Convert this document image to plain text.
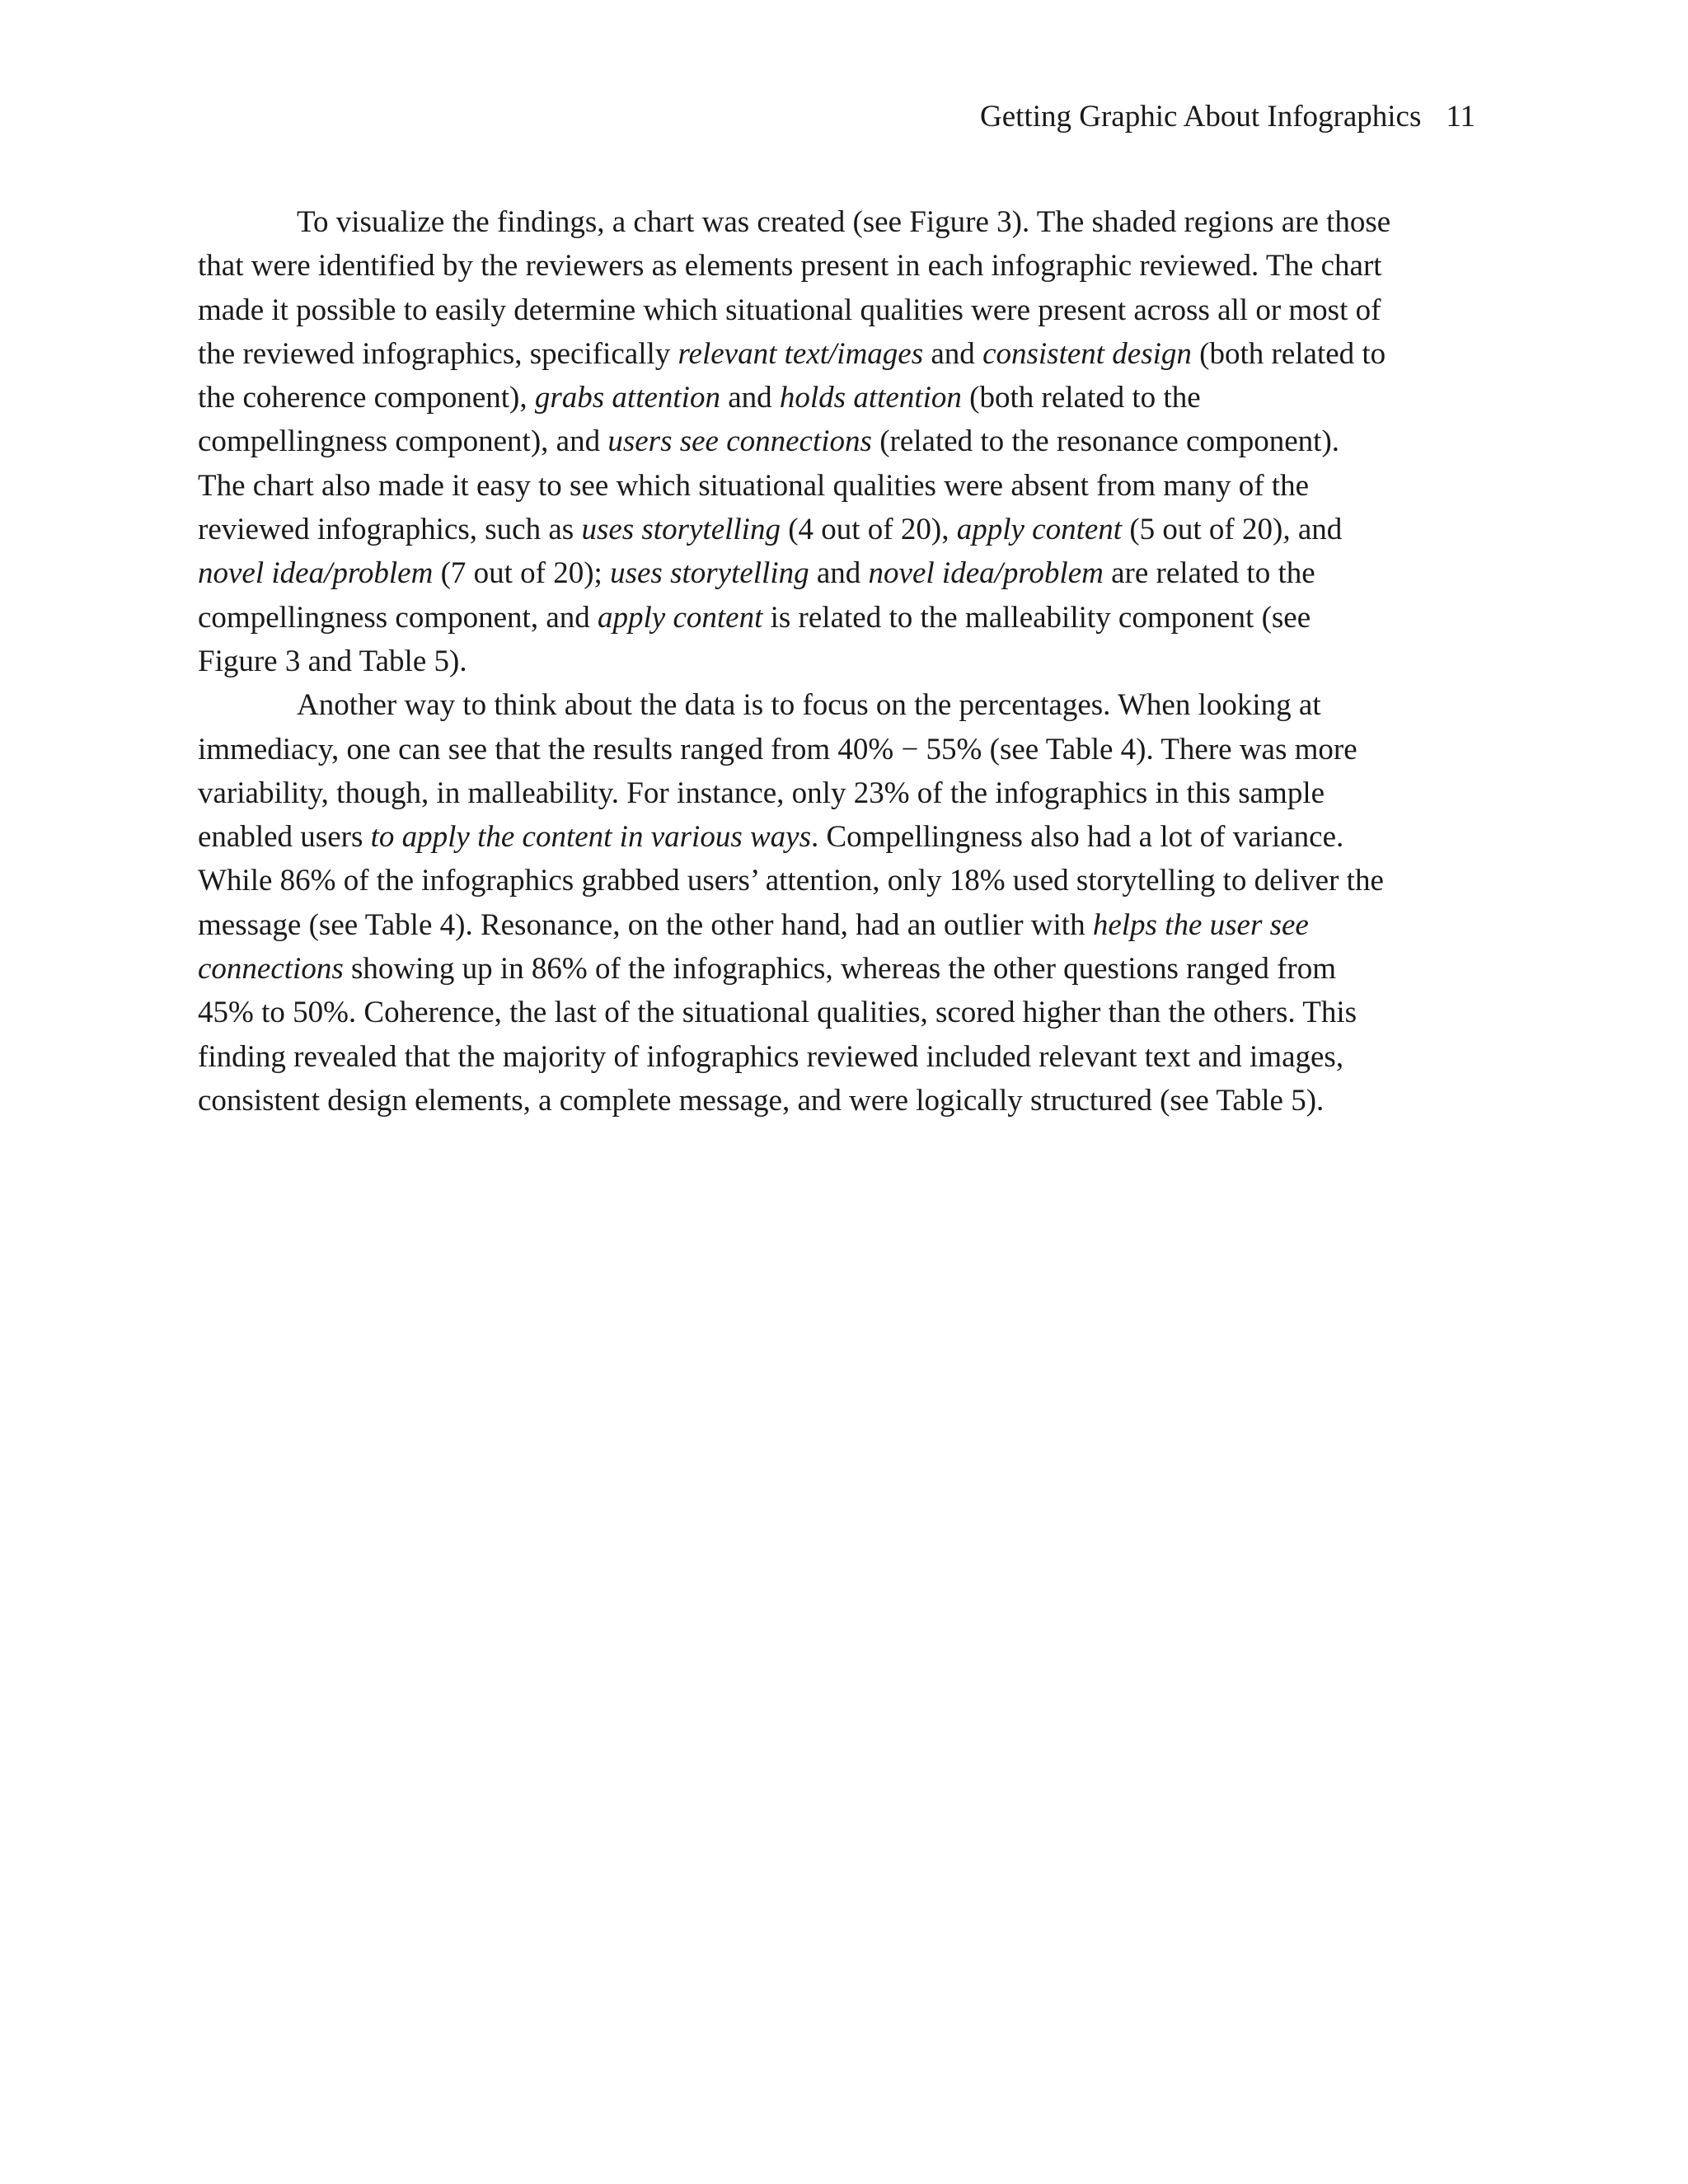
Getting Graphic About Infographics 11

To visualize the findings, a chart was created (see Figure 3). The shaded regions are those
that were identified by the reviewers as elements present in each infographic reviewed. The chart
made it possible to easily determine which situational qualities were present across all or most of
the reviewed infographics, specifically relevant text/images and consistent design (both related to
the coherence component), grabs attention and holds attention (both related to the
compellingness component), and users see connections (related to the resonance component).
The chart also made it easy to see which situational qualities were absent from many of the
reviewed infographics, such as uses storytelling (4 out of 20), apply content (5 out of 20), and
novel idea/problem (7 out of 20); uses storytelling and novel idea/problem are related to the
compellingness component, and apply content is related to the malleability component (see
Figure 3 and Table 5).

Another way to think about the data is to focus on the percentages. When looking at
immediacy, one can see that the results ranged from 40% − 55% (see Table 4). There was more
variability, though, in malleability. For instance, only 23% of the infographics in this sample
enabled users to apply the content in various ways. Compellingness also had a lot of variance.
While 86% of the infographics grabbed users’ attention, only 18% used storytelling to deliver the
message (see Table 4). Resonance, on the other hand, had an outlier with helps the user see
connections showing up in 86% of the infographics, whereas the other questions ranged from
45% to 50%. Coherence, the last of the situational qualities, scored higher than the others. This
finding revealed that the majority of infographics reviewed included relevant text and images,
consistent design elements, a complete message, and were logically structured (see Table 5).
